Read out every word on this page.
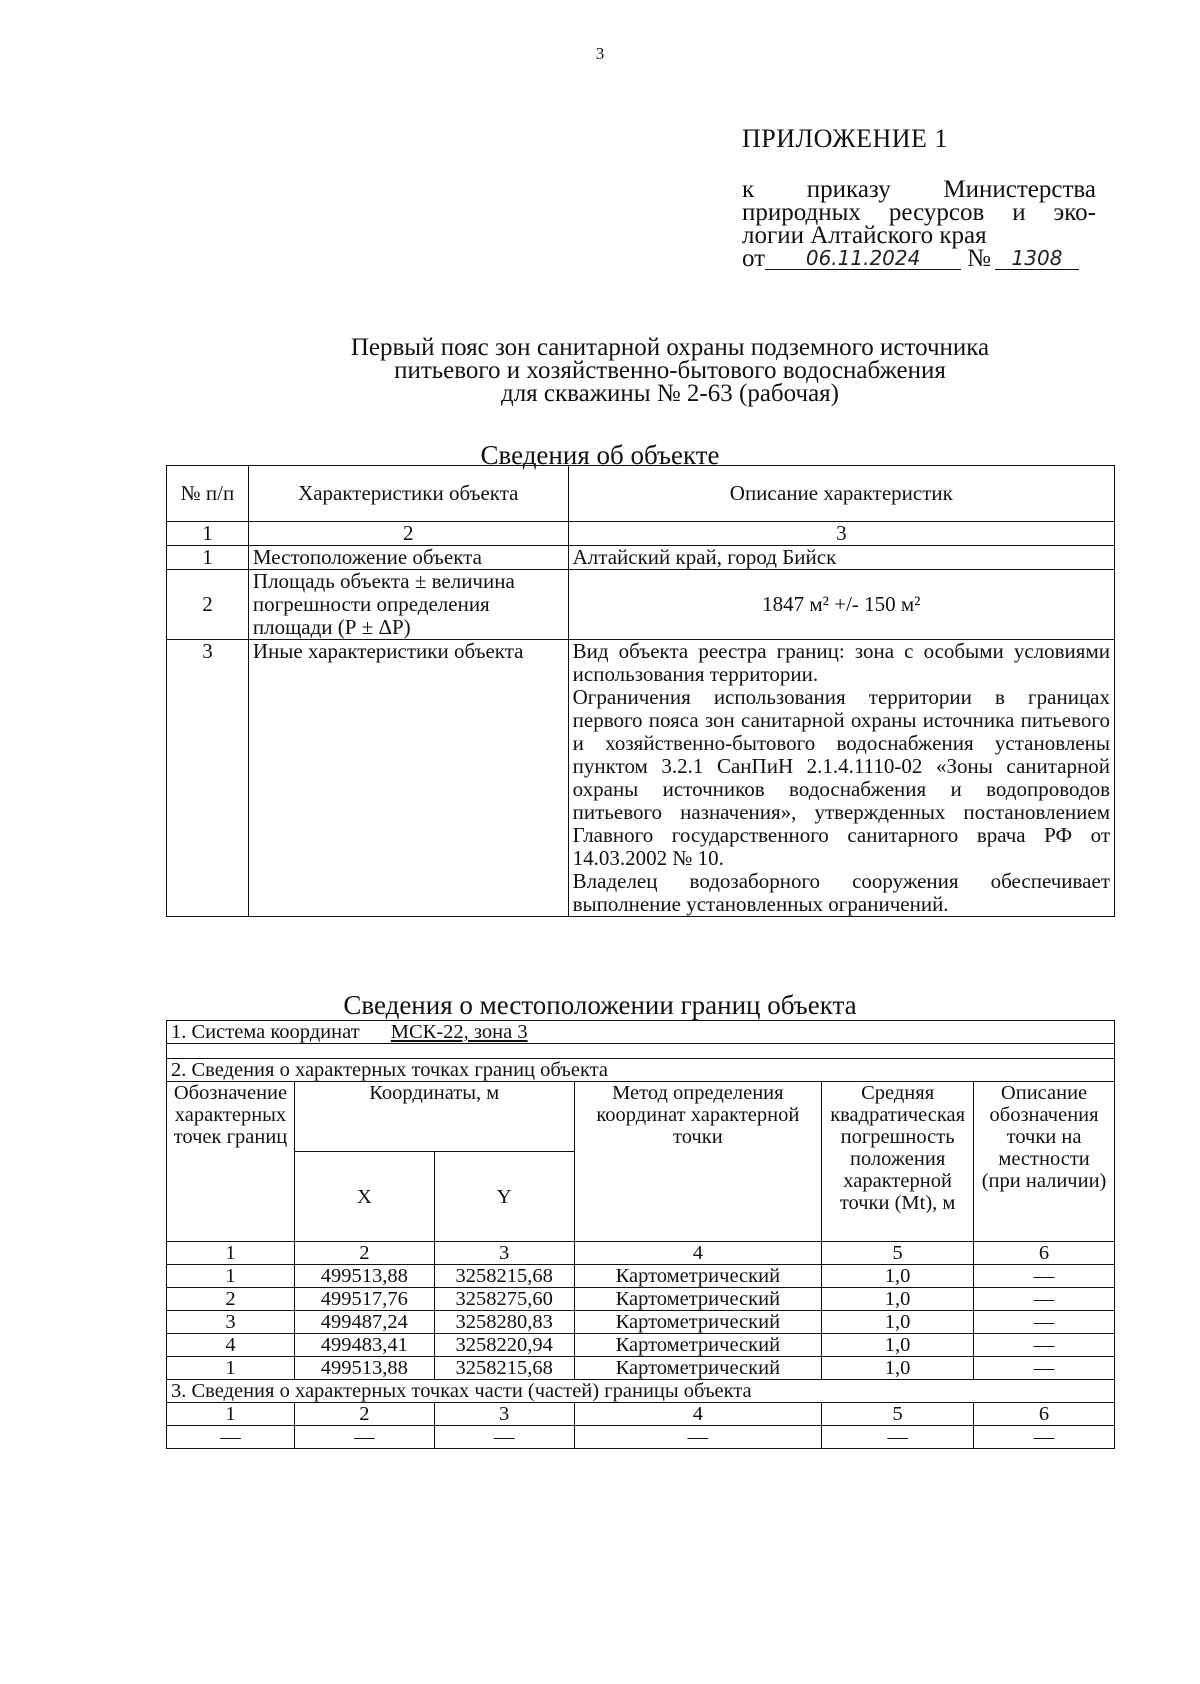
3
ПРИЛОЖЕНИЕ 1
к приказу Министерства
природных ресурсов и эко-
логии Алтайского края
от	06.11.2024	№	1308
Первый пояс зон санитарной охраны подземного источника
питьевого и хозяйственно-бытового водоснабжения
для скважины № 2-63 (рабочая)
Сведения об объекте
№ п/п	Характеристики объекта	Описание характеристик
1	2	3
1	Местоположение объекта	Алтайский край, город Бийск
2	Площадь объекта ± величина погрешности определения площади (Р ± ΔР)	1847 м² +/- 150 м²
3	Иные характеристики объекта	Вид объекта реестра границ: зона с особыми условиями использования территории.
Ограничения использования территории в границах первого пояса зон санитарной охраны источника питьевого и хозяйственно-бытового водоснабжения установлены пунктом 3.2.1 СанПиН 2.1.4.1110-02 «Зоны санитарной охраны источников водоснабжения и водопроводов питьевого назначения», утвержденных постановлением Главного государственного санитарного врача РФ от 14.03.2002 № 10.
Владелец водозаборного сооружения обеспечивает выполнение установленных ограничений.
Сведения о местоположении границ объекта
1. Система координат МСК-22, зона 3					

2. Сведения о характерных точках границ объекта					
Обозначение характерных точек границ	Координаты, м		Метод определения координат характерной точки	Средняя квадратическая погрешность положения характерной точки (Mt), м	Описание обозначения точки на местности (при наличии)
	X	Y			
1	2	3	4	5	6
1	499513,88	3258215,68	Картометрический	1,0	—
2	499517,76	3258275,60	Картометрический	1,0	—
3	499487,24	3258280,83	Картометрический	1,0	—
4	499483,41	3258220,94	Картометрический	1,0	—
1	499513,88	3258215,68	Картометрический	1,0	—
3. Сведения о характерных точках части (частей) границы объекта					
1	2	3	4	5	6
—	—	—	—	—	—
